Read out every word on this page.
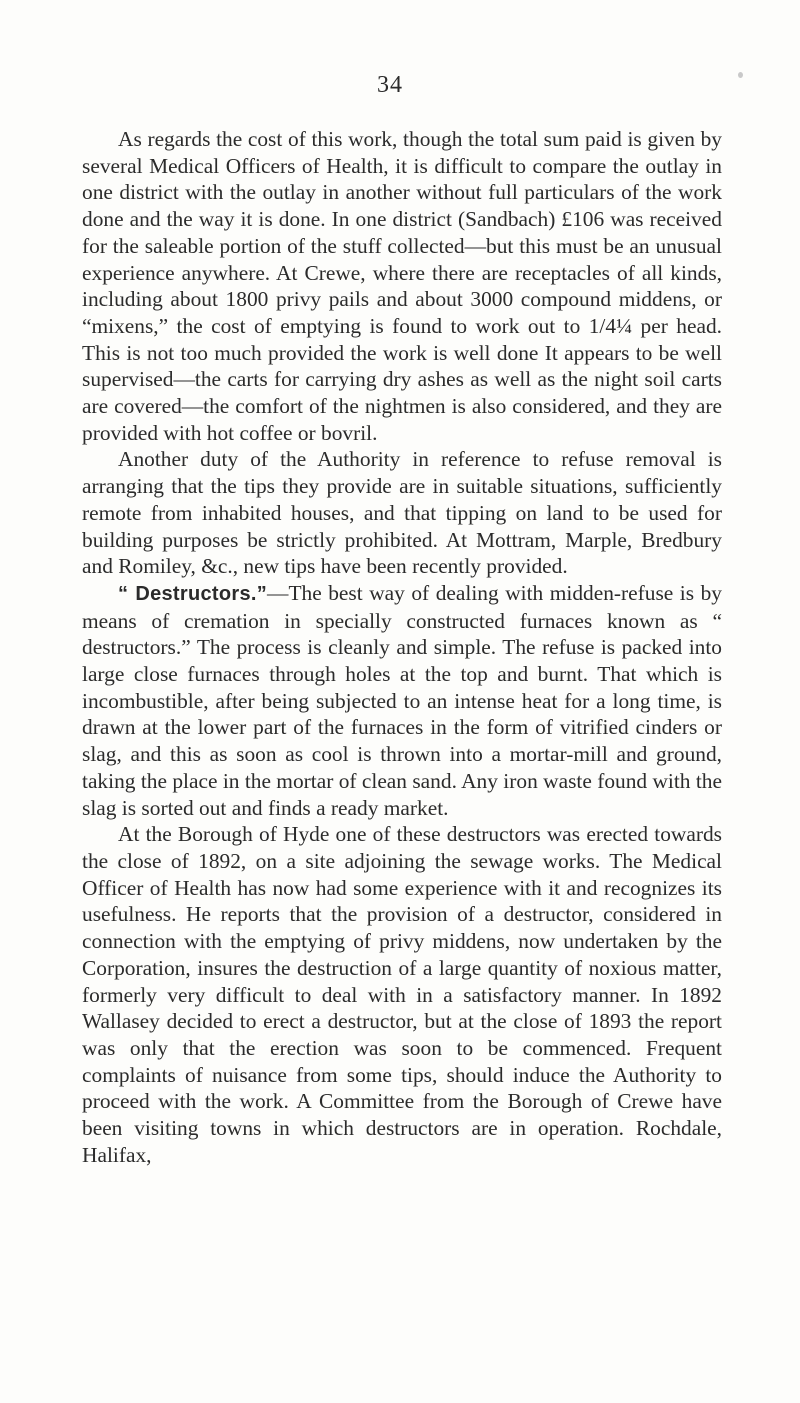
34

As regards the cost of this work, though the total sum paid is given by several Medical Officers of Health, it is difficult to compare the outlay in one district with the outlay in another without full particulars of the work done and the way it is done. In one district (Sandbach) £106 was received for the saleable portion of the stuff collected—but this must be an unusual experience anywhere. At Crewe, where there are receptacles of all kinds, including about 1800 privy pails and about 3000 compound middens, or “mixens,” the cost of emptying is found to work out to 1/4¼ per head. This is not too much provided the work is well done It appears to be well supervised—the carts for carrying dry ashes as well as the night soil carts are covered—the comfort of the nightmen is also considered, and they are provided with hot coffee or bovril.

Another duty of the Authority in reference to refuse removal is arranging that the tips they provide are in suitable situations, sufficiently remote from inhabited houses, and that tipping on land to be used for building purposes be strictly prohibited. At Mottram, Marple, Bredbury and Romiley, &c., new tips have been recently provided.

“ Destructors.”—The best way of dealing with midden-refuse is by means of cremation in specially constructed furnaces known as “ destructors.” The process is cleanly and simple. The refuse is packed into large close furnaces through holes at the top and burnt. That which is incombustible, after being subjected to an intense heat for a long time, is drawn at the lower part of the furnaces in the form of vitrified cinders or slag, and this as soon as cool is thrown into a mortar-mill and ground, taking the place in the mortar of clean sand. Any iron waste found with the slag is sorted out and finds a ready market.

At the Borough of Hyde one of these destructors was erected towards the close of 1892, on a site adjoining the sewage works. The Medical Officer of Health has now had some experience with it and recognizes its usefulness. He reports that the provision of a destructor, considered in connection with the emptying of privy middens, now undertaken by the Corporation, insures the destruction of a large quantity of noxious matter, formerly very difficult to deal with in a satisfactory manner. In 1892 Wallasey decided to erect a destructor, but at the close of 1893 the report was only that the erection was soon to be commenced. Frequent complaints of nuisance from some tips, should induce the Authority to proceed with the work. A Committee from the Borough of Crewe have been visiting towns in which destructors are in operation. Rochdale, Halifax,
